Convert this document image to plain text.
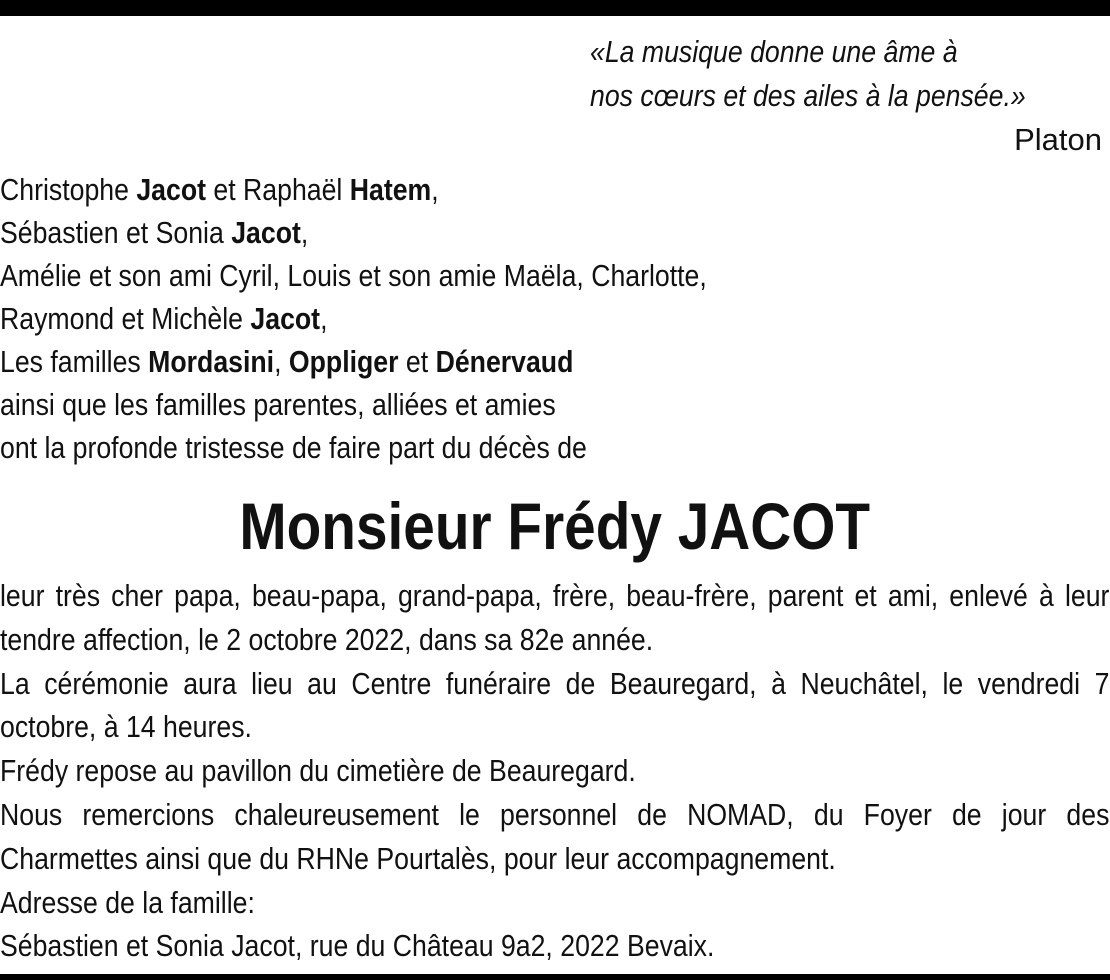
«La musique donne une âme à
nos cœurs et des ailes à la pensée.»
Platon
Christophe Jacot et Raphaël Hatem,
Sébastien et Sonia Jacot,
Amélie et son ami Cyril, Louis et son amie Maëla, Charlotte,
Raymond et Michèle Jacot,
Les familles Mordasini, Oppliger et Dénervaud
ainsi que les familles parentes, alliées et amies
ont la profonde tristesse de faire part du décès de
Monsieur Frédy JACOT
leur très cher papa, beau-papa, grand-papa, frère, beau-frère, parent et ami, enlevé à leur tendre affection, le 2 octobre 2022, dans sa 82e année.
La cérémonie aura lieu au Centre funéraire de Beauregard, à Neuchâtel, le vendredi 7 octobre, à 14 heures.
Frédy repose au pavillon du cimetière de Beauregard.
Nous remercions chaleureusement le personnel de NOMAD, du Foyer de jour des Charmettes ainsi que du RHNe Pourtalès, pour leur accompagnement.
Adresse de la famille:
Sébastien et Sonia Jacot, rue du Château 9a2, 2022 Bevaix.
